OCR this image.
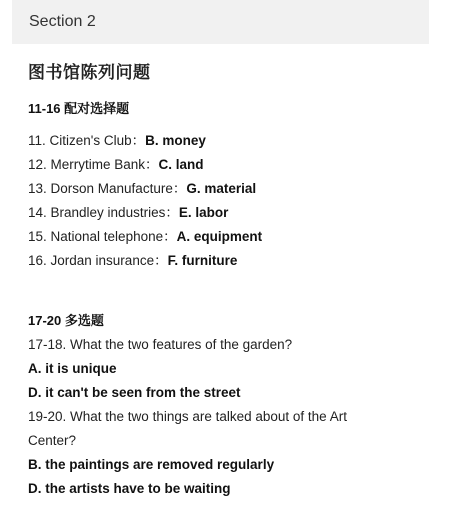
Section 2
图书馆陈列问题
11-16 配对选择题
11. Citizen's Club：B. money
12. Merrytime Bank：C. land
13. Dorson Manufacture：G. material
14. Brandley industries：E. labor
15. National telephone：A. equipment
16. Jordan insurance：F. furniture
17-20 多选题
17-18. What the two features of the garden?
A. it is unique
D. it can't be seen from the street
19-20. What the two things are talked about of the Art Center?
B. the paintings are removed regularly
D. the artists have to be waiting
